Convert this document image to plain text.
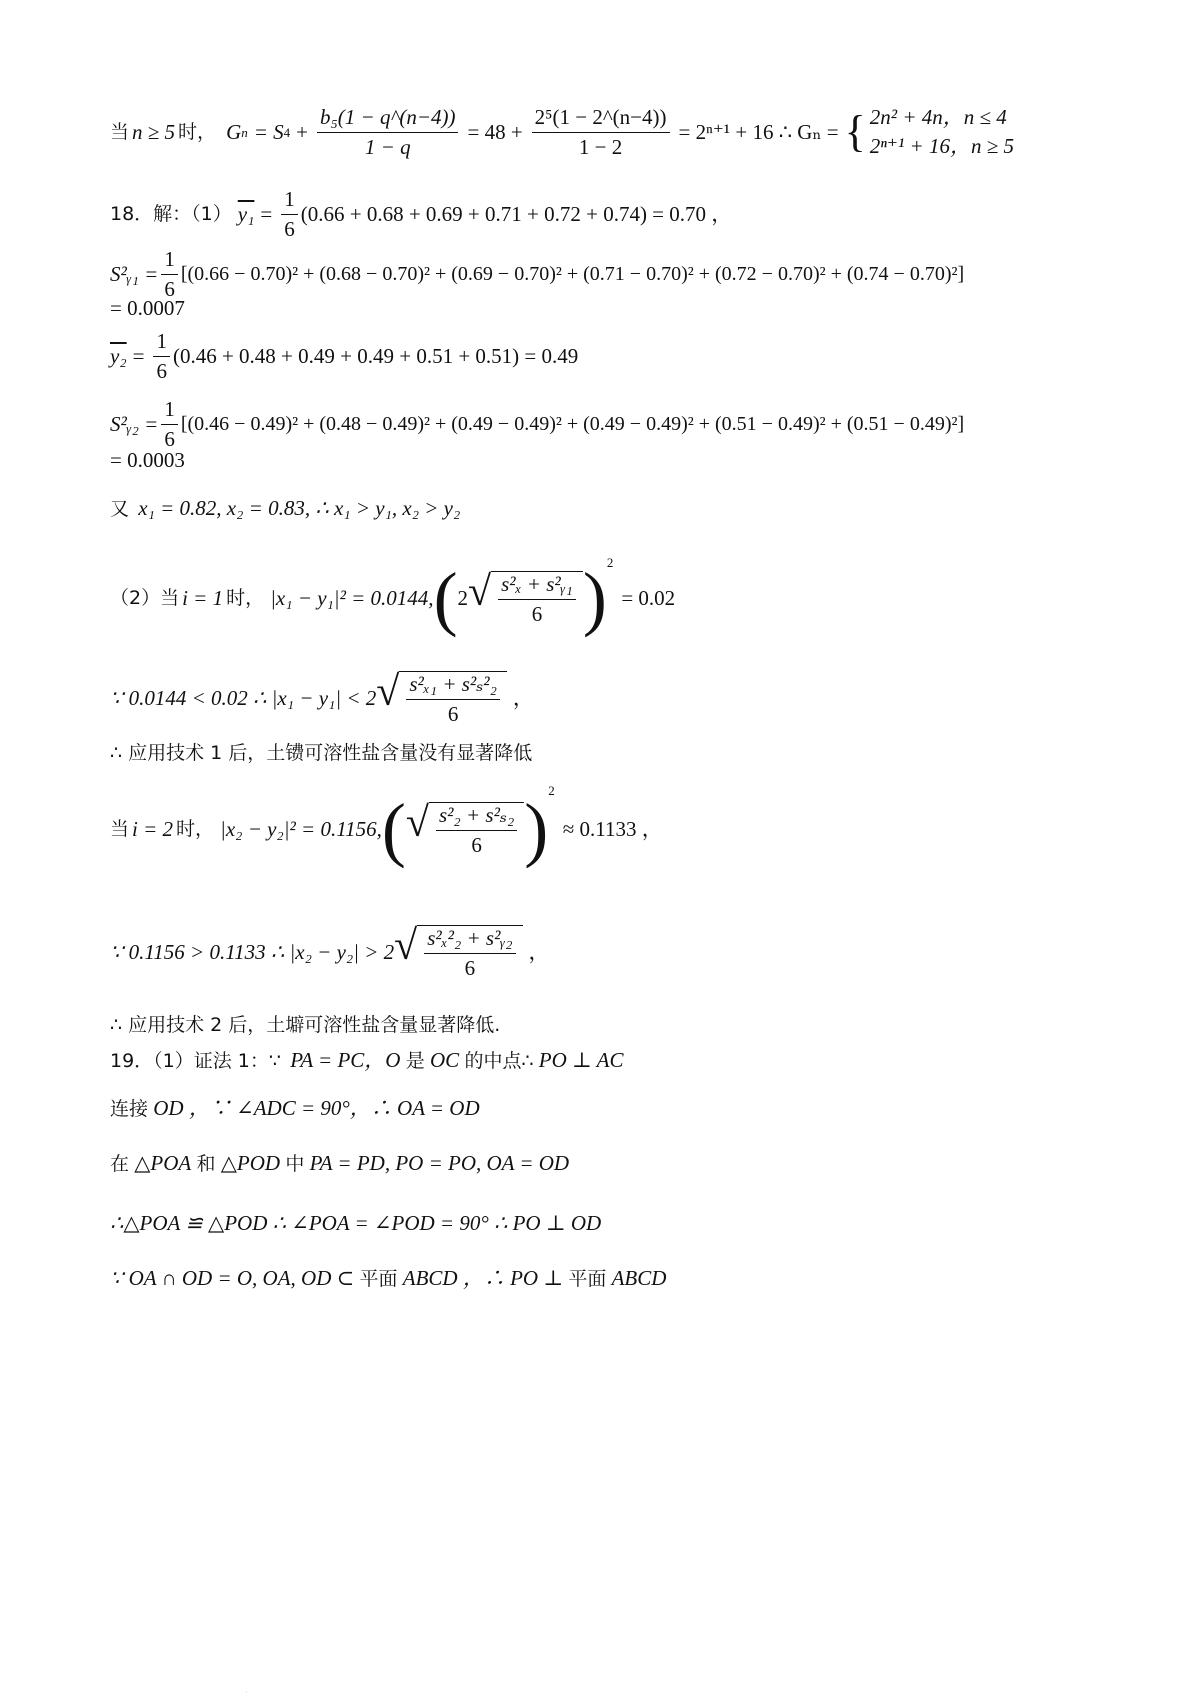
当 n ≥ 5 时， G n = S $4 + \frac{\text{b₅(1 − q\textasciicircum{}(n−4))}}{1 - q} = 48 + \frac{\text{2⁵(1 − 2\textasciicircum{}(n−4))}}{1 - 2} = 2^{n+1} + 16$ ∴ Gₙ = { 2n² + 4n，n ≤ 4
2ⁿ⁺¹ + 16，n ≥ 5
18．解：（1） $y_1 = \frac{1}{6} (0.66 + 0.68 + 0.69 + 0.71 + 0.72 + 0.74) = 0.70$ ，
S²ᵧ₁ = $\frac{1}{6} [(0.66 - 0.70)^2 + (0.68 - 0.70)^2 + (0.69 - 0.70)^2 + (0.71 - 0.70)^2 + (0.72 - 0.70)^2 + (0.74 - 0.70)^2]$
= 0.0007
$y_2 = \frac{1}{6} (0.46 + 0.48 + 0.49 + 0.49 + 0.51 + 0.51) = 0.49$
S²ᵧ₂ = $\frac{1}{6} [(0.46 - 0.49)^2 + (0.48 - 0.49)^2 + (0.49 - 0.49)^2 + (0.49 - 0.49)^2 + (0.51 - 0.49)^2 + (0.51 - 0.49)^2]$
= 0.0003
又 x₁ = 0.82, x₂ = 0.83, ∴ x₁ > y₁, x₂ > y₂
（2）当 i = 1 时， |x₁ − y₁|² = 0.0144, ( 2 √ $\frac{\text{s²ₓ + s²ᵧ₁}}{6} )^2$
= 0.02
∵ 0.0144 < 0.02 ∴ |x₁ − y₁| < 2 √ $\frac{\text{s²ₓ₁ + s²ₛ²₂}}{6}$ ，
∴ 应用技术 1 后，土镄可溶性盐含量没有显著降低
当 i = 2 时， |x₂ − y₂|² = 0.1156, ( √ $\frac{\text{s²₂ + s²ₛ₂}}{6} )^2$
≈ 0.1133 ，
∵ 0.1156 > 0.1133 ∴ |x₂ − y₂| > 2 √ $\frac{\text{s²ₓ²₂ + s²ᵧ₂}}{6}$ ，
∴ 应用技术 2 后，土壀可溶性盐含量显著降低.
19．（1）证法 1：∵ PA = PC，O 是 OC 的中点∴ PO ⊥ AC
连接 OD ，∵ ∠ADC = 90°，∴ OA = OD
在 △POA 和 △POD 中 PA = PD, PO = PO, OA = OD
∴△POA ≌ △POD ∴ ∠POA = ∠POD = 90° ∴ PO ⊥ OD
∵ OA ∩ OD = O, OA, OD ⊂ 平面 ABCD ，∴ PO ⊥ 平面 ABCD
·
